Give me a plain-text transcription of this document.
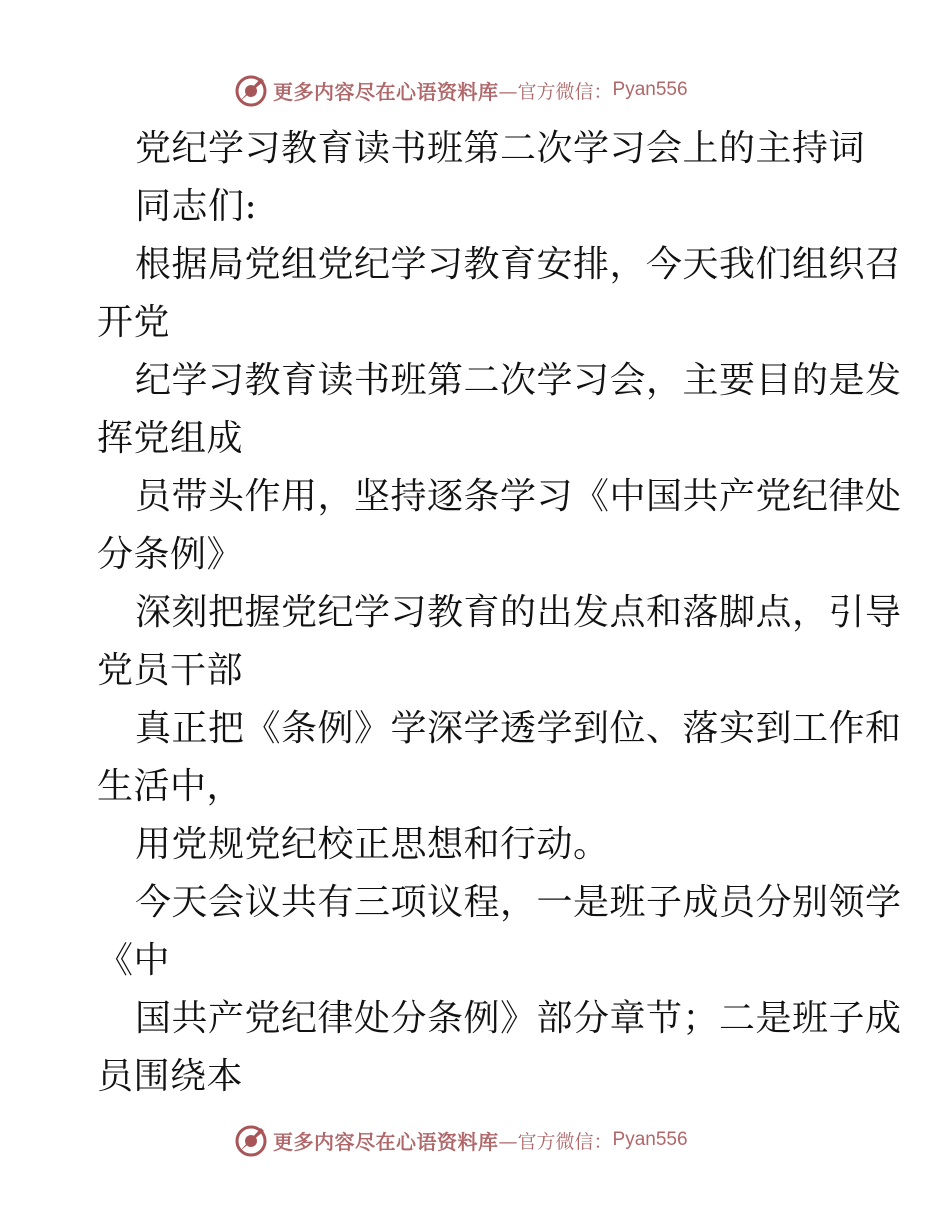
更多内容尽在心语资料库 —官方微信： Pyan556
党纪学习教育读书班第二次学习会上的主持词
同志们:
根据局党组党纪学习教育安排，今天我们组织召
开党
纪学习教育读书班第二次学习会，主要目的是发
挥党组成
员带头作用，坚持逐条学习《中国共产党纪律处
分条例》
深刻把握党纪学习教育的出发点和落脚点，引导
党员干部
真正把《条例》学深学透学到位、落实到工作和
生活中，
用党规党纪校正思想和行动。
今天会议共有三项议程，一是班子成员分别领学
《中
国共产党纪律处分条例》部分章节；二是班子成
员围绕本
更多内容尽在心语资料库 —官方微信： Pyan556
